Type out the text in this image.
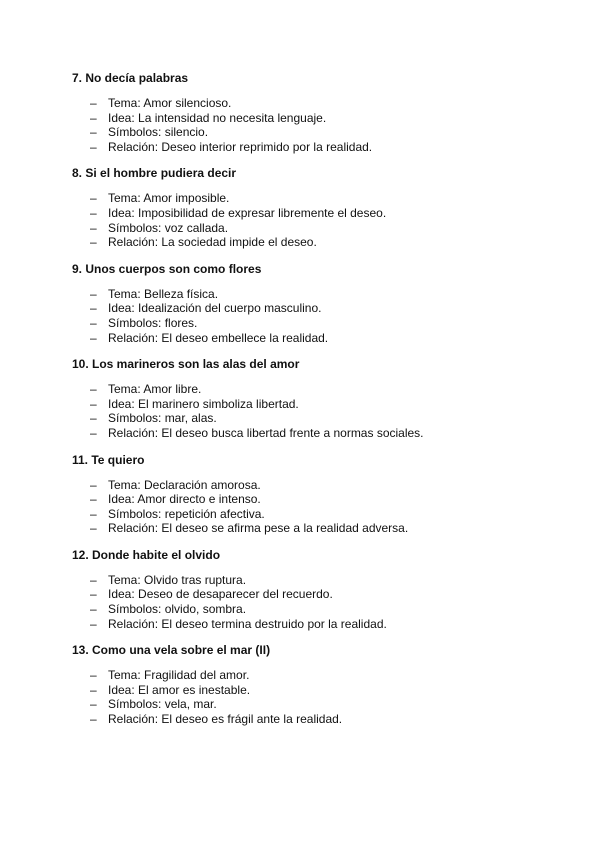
7. No decía palabras
– Tema: Amor silencioso.
– Idea: La intensidad no necesita lenguaje.
– Símbolos: silencio.
– Relación: Deseo interior reprimido por la realidad.
8. Si el hombre pudiera decir
– Tema: Amor imposible.
– Idea: Imposibilidad de expresar libremente el deseo.
– Símbolos: voz callada.
– Relación: La sociedad impide el deseo.
9. Unos cuerpos son como flores
– Tema: Belleza física.
– Idea: Idealización del cuerpo masculino.
– Símbolos: flores.
– Relación: El deseo embellece la realidad.
10. Los marineros son las alas del amor
– Tema: Amor libre.
– Idea: El marinero simboliza libertad.
– Símbolos: mar, alas.
– Relación: El deseo busca libertad frente a normas sociales.
11. Te quiero
– Tema: Declaración amorosa.
– Idea: Amor directo e intenso.
– Símbolos: repetición afectiva.
– Relación: El deseo se afirma pese a la realidad adversa.
12. Donde habite el olvido
– Tema: Olvido tras ruptura.
– Idea: Deseo de desaparecer del recuerdo.
– Símbolos: olvido, sombra.
– Relación: El deseo termina destruido por la realidad.
13. Como una vela sobre el mar (II)
– Tema: Fragilidad del amor.
– Idea: El amor es inestable.
– Símbolos: vela, mar.
– Relación: El deseo es frágil ante la realidad.
